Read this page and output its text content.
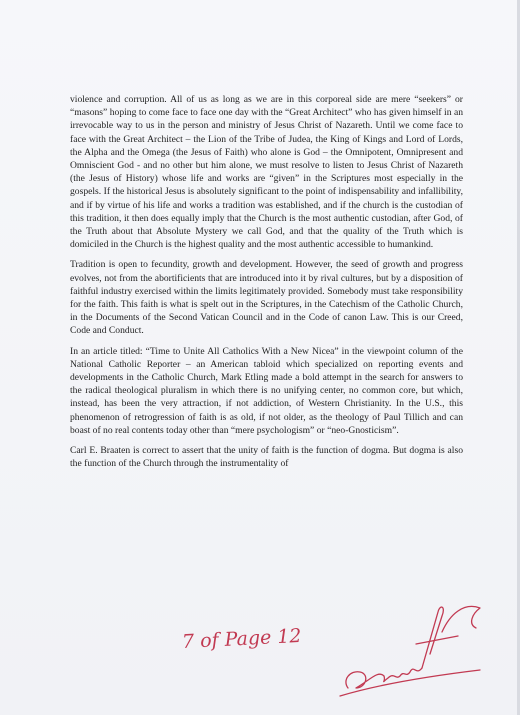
violence and corruption. All of us as long as we are in this corporeal side are mere “seekers” or “masons” hoping to come face to face one day with the “Great Architect” who has given himself in an irrevocable way to us in the person and ministry of Jesus Christ of Nazareth. Until we come face to face with the Great Architect – the Lion of the Tribe of Judea, the King of Kings and Lord of Lords, the Alpha and the Omega (the Jesus of Faith) who alone is God – the Omnipotent, Omnipresent and Omniscient God - and no other but him alone, we must resolve to listen to Jesus Christ of Nazareth (the Jesus of History) whose life and works are “given” in the Scriptures most especially in the gospels. If the historical Jesus is absolutely significant to the point of indispensability and infallibility, and if by virtue of his life and works a tradition was established, and if the church is the custodian of this tradition, it then does equally imply that the Church is the most authentic custodian, after God, of the Truth about that Absolute Mystery we call God, and that the quality of the Truth which is domiciled in the Church is the highest quality and the most authentic accessible to humankind.

Tradition is open to fecundity, growth and development. However, the seed of growth and progress evolves, not from the abortificients that are introduced into it by rival cultures, but by a disposition of faithful industry exercised within the limits legitimately provided. Somebody must take responsibility for the faith. This faith is what is spelt out in the Scriptures, in the Catechism of the Catholic Church, in the Documents of the Second Vatican Council and in the Code of canon Law. This is our Creed, Code and Conduct.

In an article titled: “Time to Unite All Catholics With a New Nicea” in the viewpoint column of the National Catholic Reporter – an American tabloid which specialized on reporting events and developments in the Catholic Church, Mark Etling made a bold attempt in the search for answers to the radical theological pluralism in which there is no unifying center, no common core, but which, instead, has been the very attraction, if not addiction, of Western Christianity. In the U.S., this phenomenon of retrogression of faith is as old, if not older, as the theology of Paul Tillich and can boast of no real contents today other than “mere psychologism” or “neo-Gnosticism”.

Carl E. Braaten is correct to assert that the unity of faith is the function of dogma. But dogma is also the function of the Church through the instrumentality of

7 of Page 12
